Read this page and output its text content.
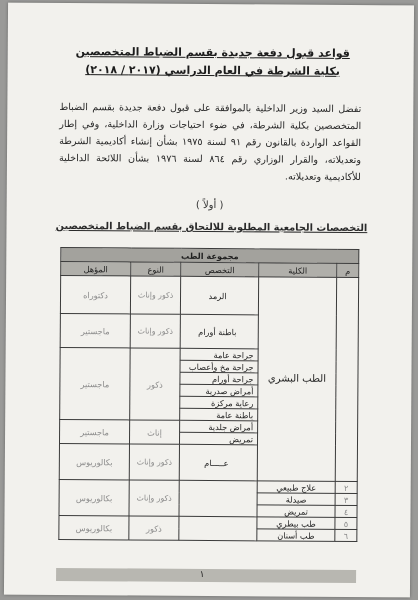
قواعد قبول دفعة جديدة بقسم الضباط المتخصصين
بكلية الشرطة في العام الدراسي (٢٠١٧ / ٢٠١٨)
تفضل السيد وزير الداخلية بالموافقة على قبول دفعة جديدة بقسم الضباط المتخصصين بكلية الشرطة، في ضوء احتياجات وزارة الداخلية، وفي إطار القواعد الواردة بالقانون رقم ٩١ لسنة ١٩٧٥ بشأن إنشاء أكاديمية الشرطة وتعديلاته، والقرار الوزاري رقم ٨٦٤ لسنة ١٩٧٦ بشأن اللائحة الداخلية للأكاديمية وتعديلاته.
( أولاً )
التخصصات الجامعية المطلوبة للالتحاق بقسم الضباط المتخصصين
مجموعة الطب				
م	الكلية	التخصص	النوع	المؤهل
	الطب البشري	الرمد	ذكور وإناث	دكتوراه
		باطنة أورام	ذكور وإناث	ماجستير
		جراحة عامة	ذكور	ماجستير
		جراحة مخ وأعصاب		
		جراحة أورام		
		أمراض صدرية		
		رعاية مركزة		
		باطنة عامة		
		أمراض جلدية	إناث	ماجستير
		تمريض		
		عـــــام	ذكور وإناث	بكالوريوس
٢	علاج طبيعي		ذكور وإناث	بكالوريوس
٣	صيدلة			
٤	تمريض			
٥	طب بيطري		ذكور	بكالوريوس
٦	طب أسنان			
١
